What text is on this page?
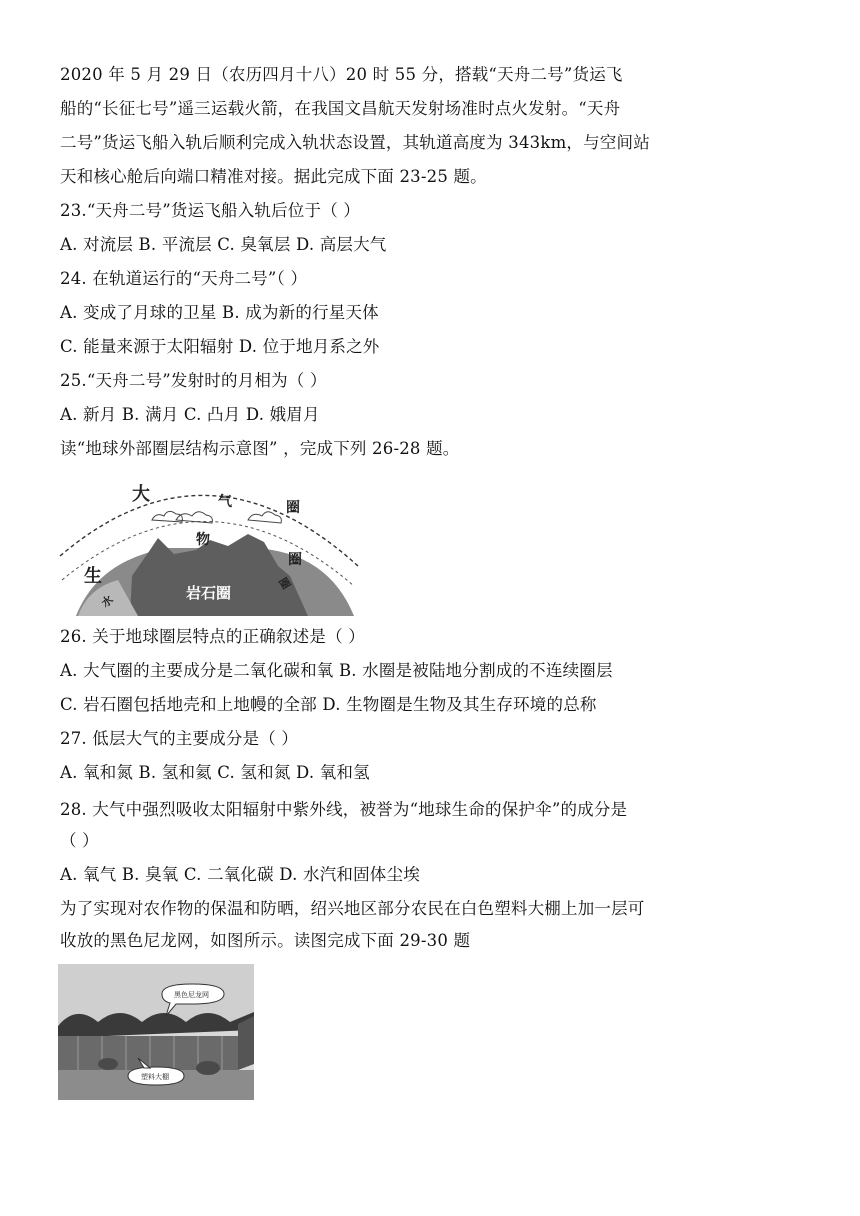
2020 年 5 月 29 日（农历四月十八）20 时 55 分，搭载“天舟二号”货运飞
船的“长征七号”遥三运载火箭，在我国文昌航天发射场准时点火发射。“天舟
二号”货运飞船入轨后顺利完成入轨状态设置，其轨道高度为 343km，与空间站
天和核心舱后向端口精准对接。据此完成下面 23-25 题。
23.“天舟二号”货运飞船入轨后位于（ ）
A. 对流层 B. 平流层 C. 臭氧层 D. 高层大气
24. 在轨道运行的“天舟二号”（ ）
A. 变成了月球的卫星 B. 成为新的行星天体
C. 能量来源于太阳辐射 D. 位于地月系之外
25.“天舟二号”发射时的月相为（ ）
A. 新月 B. 满月 C. 凸月 D. 娥眉月
读“地球外部圈层结构示意图” ，完成下列 26-28 题。
大	气	圈
物
圈
生
水	岩石圈
圈
26. 关于地球圈层特点的正确叙述是（ ）
A. 大气圈的主要成分是二氧化碳和氧 B. 水圈是被陆地分割成的不连续圈层
C. 岩石圈包括地壳和上地幔的全部 D. 生物圈是生物及其生存环境的总称
27. 低层大气的主要成分是（ ）
A. 氧和氮 B. 氢和氦 C. 氢和氮 D. 氧和氢
28. 大气中强烈吸收太阳辐射中紫外线，被誉为“地球生命的保护伞”的成分是
（ ）
A. 氧气 B. 臭氧 C. 二氧化碳 D. 水汽和固体尘埃
为了实现对农作物的保温和防晒，绍兴地区部分农民在白色塑料大棚上加一层可
收放的黑色尼龙网，如图所示。读图完成下面 29-30 题
黑色尼龙网
塑料大棚
